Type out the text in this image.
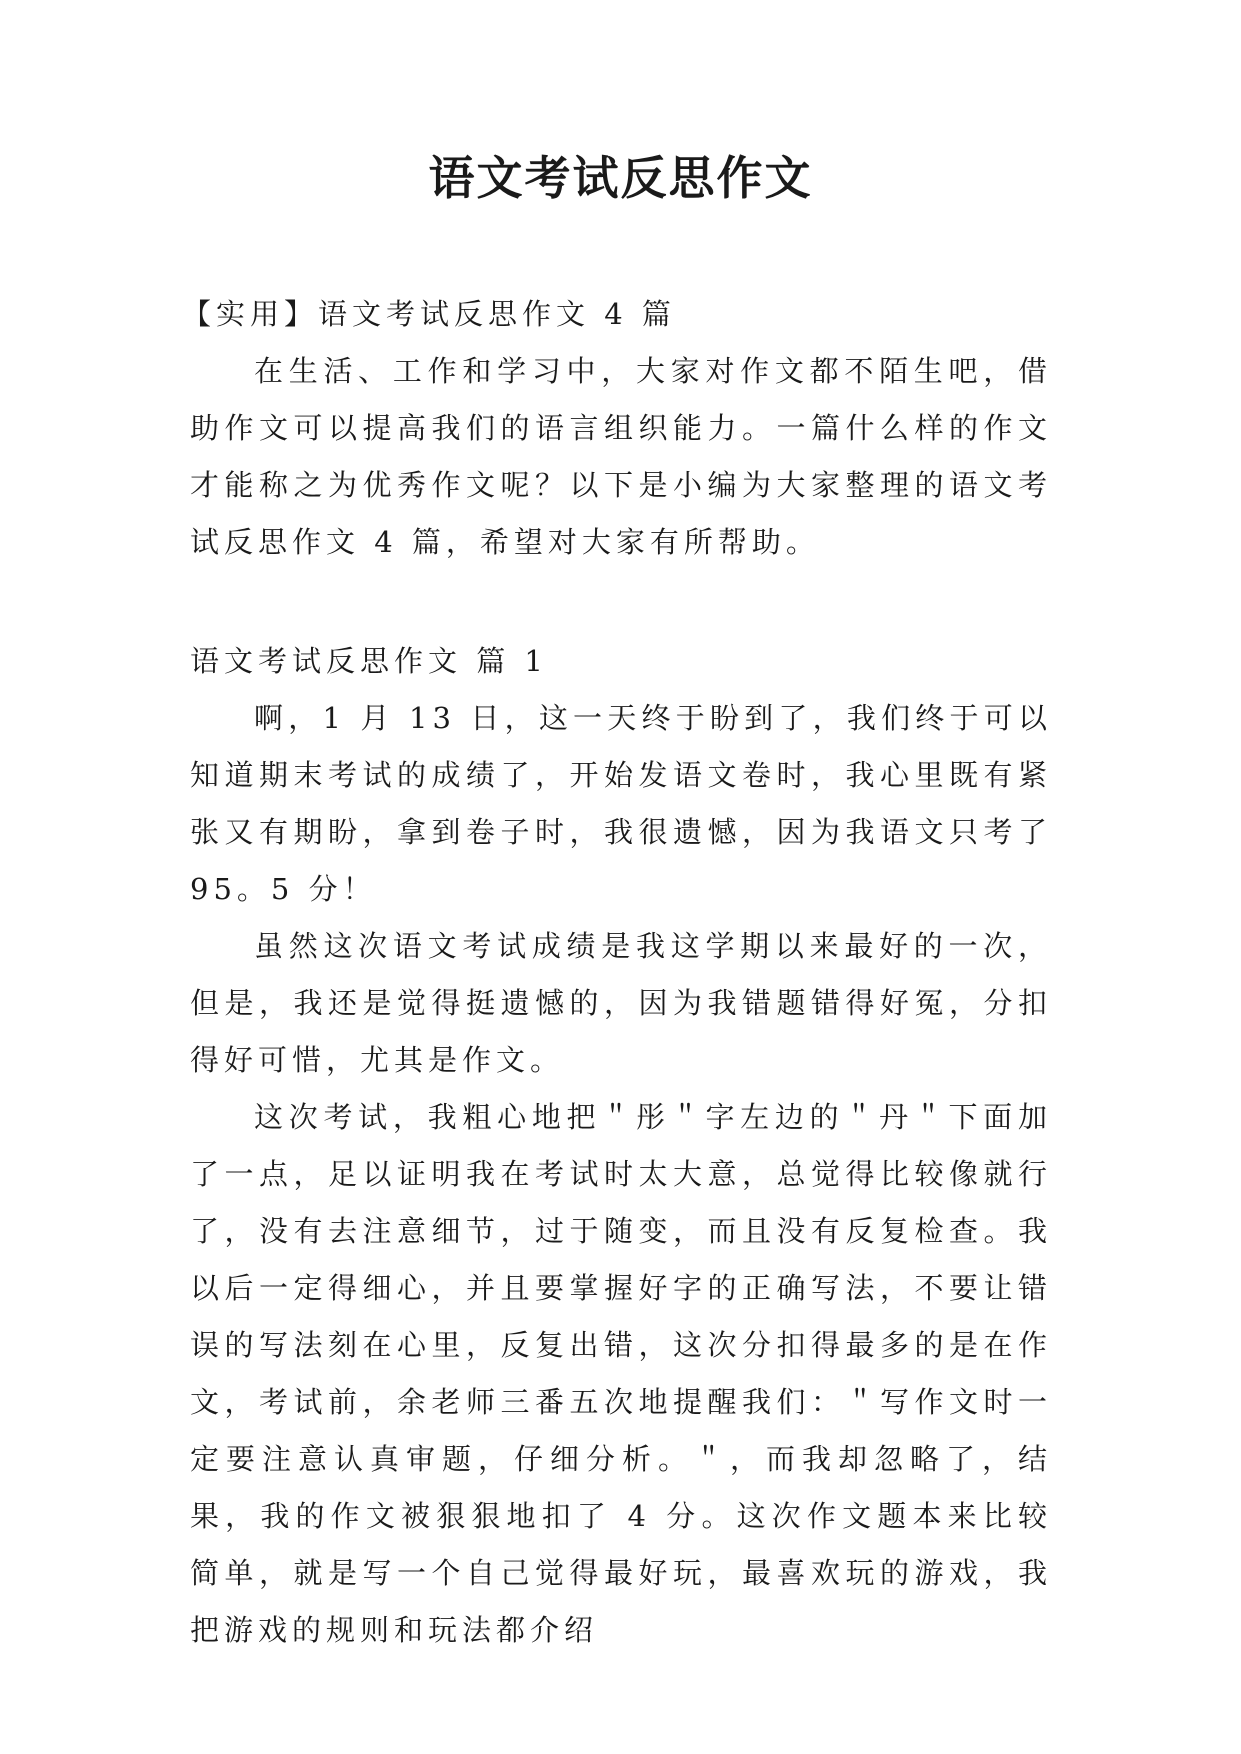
语文考试反思作文

【实用】语文考试反思作文 4 篇

在生活、工作和学习中，大家对作文都不陌生吧，借助作文可以提高我们的语言组织能力。一篇什么样的作文才能称之为优秀作文呢？以下是小编为大家整理的语文考试反思作文 4 篇，希望对大家有所帮助。

语文考试反思作文 篇 1

啊，1 月 13 日，这一天终于盼到了，我们终于可以知道期末考试的成绩了，开始发语文卷时，我心里既有紧张又有期盼，拿到卷子时，我很遗憾，因为我语文只考了 95。5 分！

虽然这次语文考试成绩是我这学期以来最好的一次，但是，我还是觉得挺遗憾的，因为我错题错得好冤，分扣得好可惜，尤其是作文。

这次考试，我粗心地把＂彤＂字左边的＂丹＂下面加了一点，足以证明我在考试时太大意，总觉得比较像就行了，没有去注意细节，过于随变，而且没有反复检查。我以后一定得细心，并且要掌握好字的正确写法，不要让错误的写法刻在心里，反复出错，这次分扣得最多的是在作文，考试前，余老师三番五次地提醒我们：＂写作文时一定要注意认真审题，仔细分析。＂，而我却忽略了，结果，我的作文被狠狠地扣了 4 分。这次作文题本来比较简单，就是写一个自己觉得最好玩，最喜欢玩的游戏，我把游戏的规则和玩法都介绍
